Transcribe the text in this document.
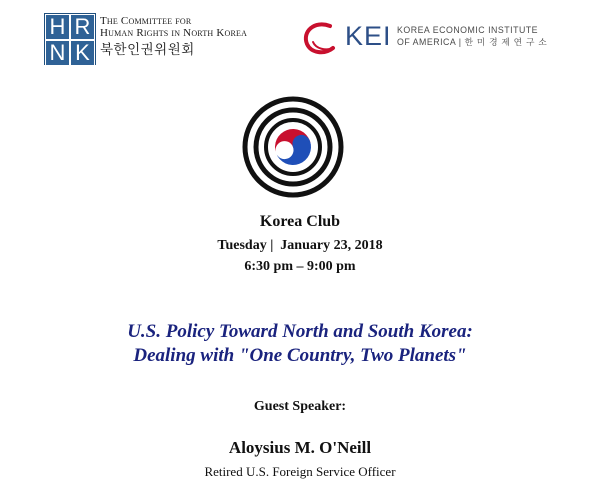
H R
N K
The Committee for
Human Rights in North Korea
북한인권위원회	KEI KOREA ECONOMIC INSTITUTE
OF AMERICA | 한 미 경 제 연 구 소
Korea Club
Tuesday |  January 23, 2018
6:30 pm – 9:00 pm
U.S. Policy Toward North and South Korea:
Dealing with "One Country, Two Planets"
Guest Speaker:
Aloysius M. O'Neill
Retired U.S. Foreign Service Officer
